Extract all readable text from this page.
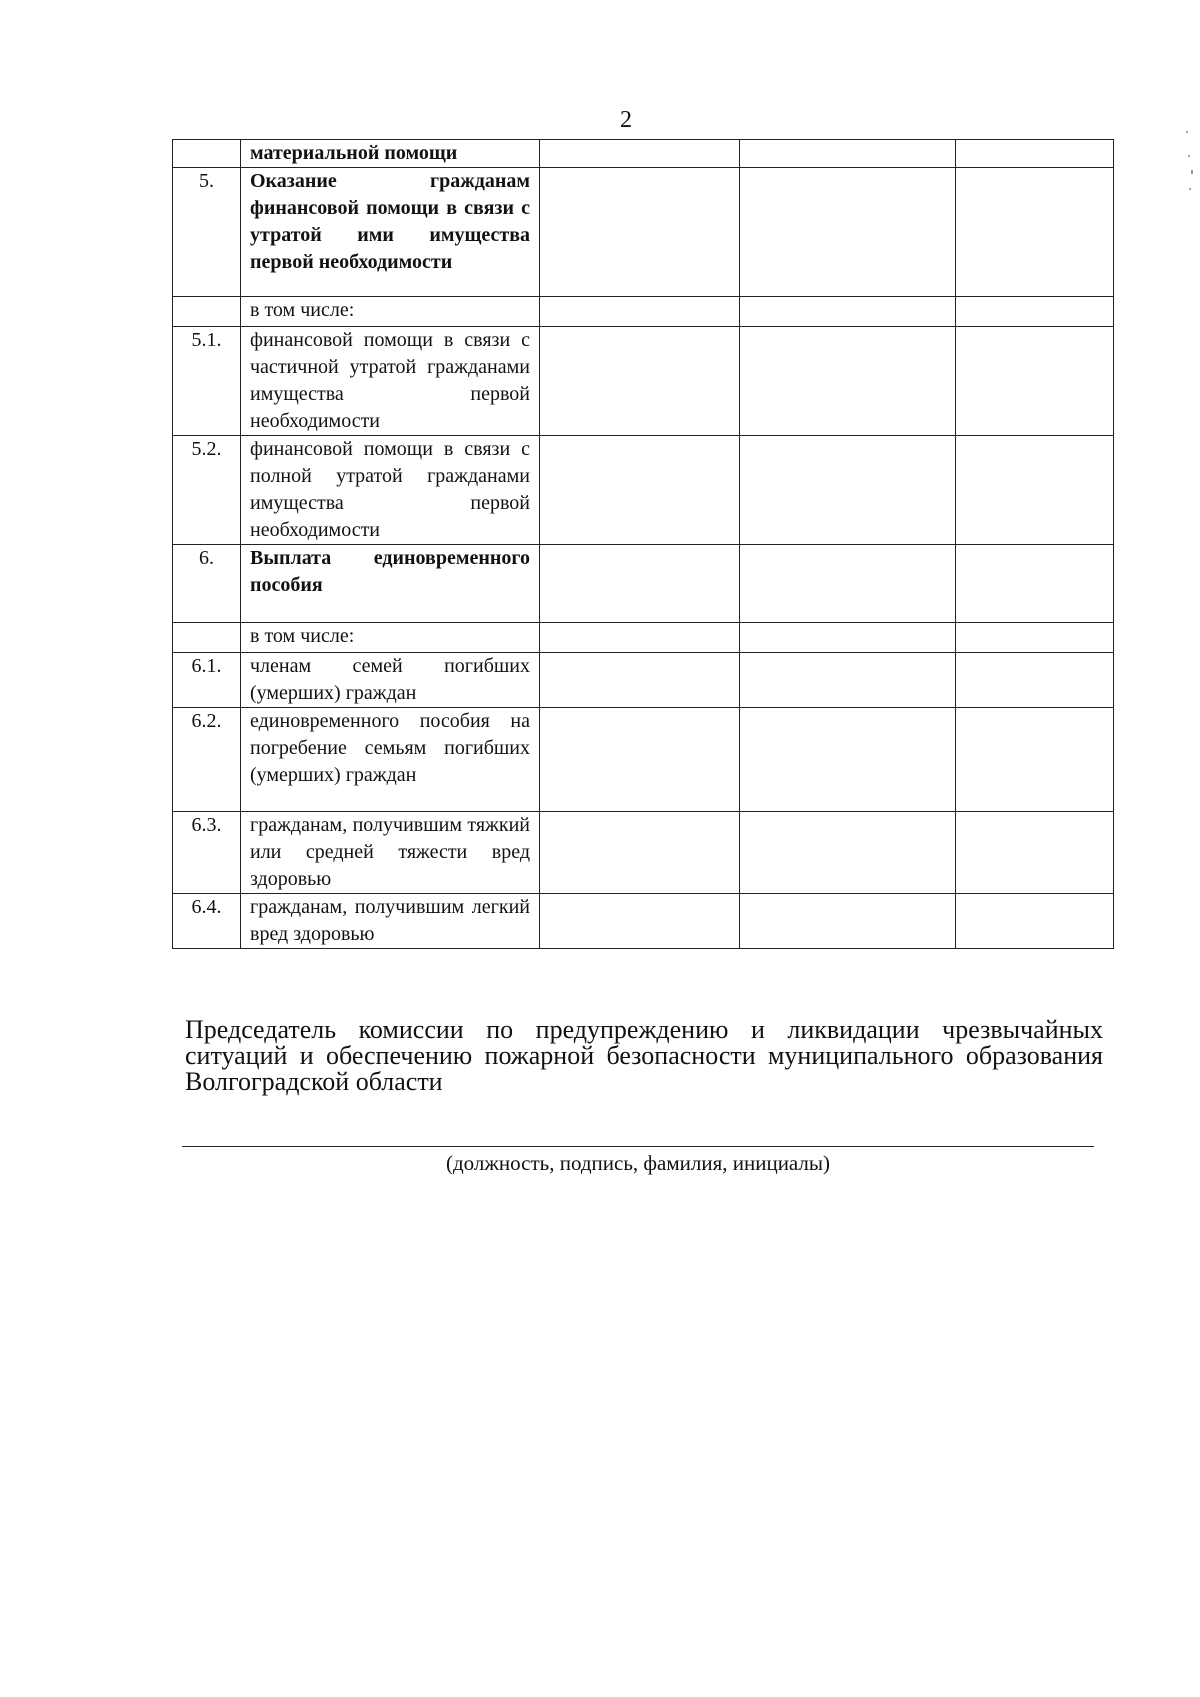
2
	материальной помощи			
5.	Оказание гражданам финансовой помощи в связи с утратой ими имущества первой необходимости			
	в том числе:			
5.1.	финансовой помощи в связи с частичной утратой гражданами имущества первой необходимости			
5.2.	финансовой помощи в связи с полной утратой гражданами имущества первой необходимости			
6.	Выплата единовременного пособия			
	в том числе:			
6.1.	членам семей погибших (умерших) граждан			
6.2.	единовременного пособия на погребение семьям погибших (умерших) граждан			
6.3.	гражданам, получившим тяжкий или средней тяжести вред здоровью			
6.4.	гражданам, получившим легкий вред здоровью			
Председатель комиссии по предупреждению и ликвидации чрезвычайных ситуаций и обеспечению пожарной безопасности муниципального образования Волгоградской области
(должность, подпись, фамилия, инициалы)
